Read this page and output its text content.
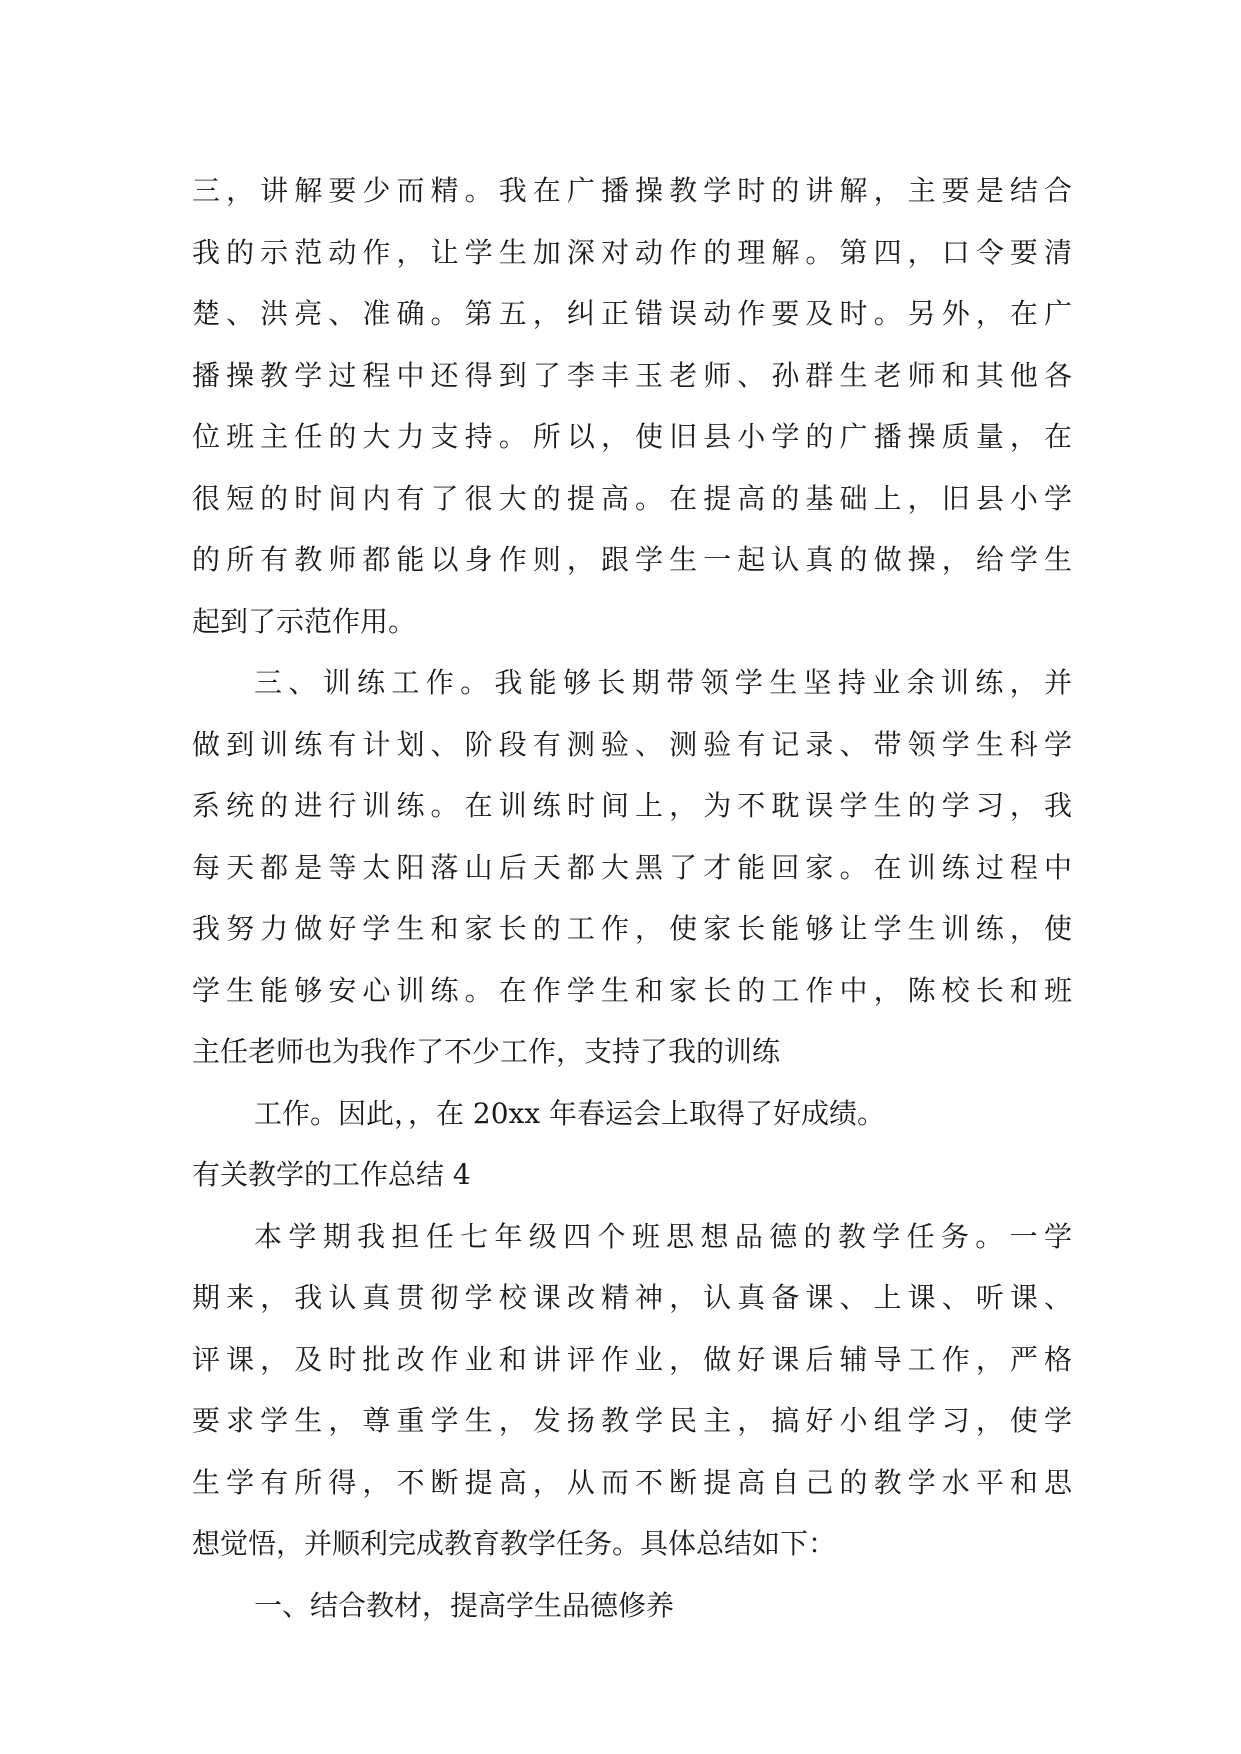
三，讲解要少而精。我在广播操教学时的讲解，主要是结合
我的示范动作，让学生加深对动作的理解。第四，口令要清
楚、洪亮、准确。第五，纠正错误动作要及时。另外，在广
播操教学过程中还得到了李丰玉老师、孙群生老师和其他各
位班主任的大力支持。所以，使旧县小学的广播操质量，在
很短的时间内有了很大的提高。在提高的基础上，旧县小学
的所有教师都能以身作则，跟学生一起认真的做操，给学生
起到了示范作用。
三、训练工作。我能够长期带领学生坚持业余训练，并
做到训练有计划、阶段有测验、测验有记录、带领学生科学
系统的进行训练。在训练时间上，为不耽误学生的学习，我
每天都是等太阳落山后天都大黑了才能回家。在训练过程中
我努力做好学生和家长的工作，使家长能够让学生训练，使
学生能够安心训练。在作学生和家长的工作中，陈校长和班
主任老师也为我作了不少工作，支持了我的训练
工作。因此，，在 20xx 年春运会上取得了好成绩。
有关教学的工作总结 4
本学期我担任七年级四个班思想品德的教学任务。一学
期来，我认真贯彻学校课改精神，认真备课、上课、听课、
评课，及时批改作业和讲评作业，做好课后辅导工作，严格
要求学生，尊重学生，发扬教学民主，搞好小组学习，使学
生学有所得，不断提高，从而不断提高自己的教学水平和思
想觉悟，并顺利完成教育教学任务。具体总结如下：
一、结合教材，提高学生品德修养
